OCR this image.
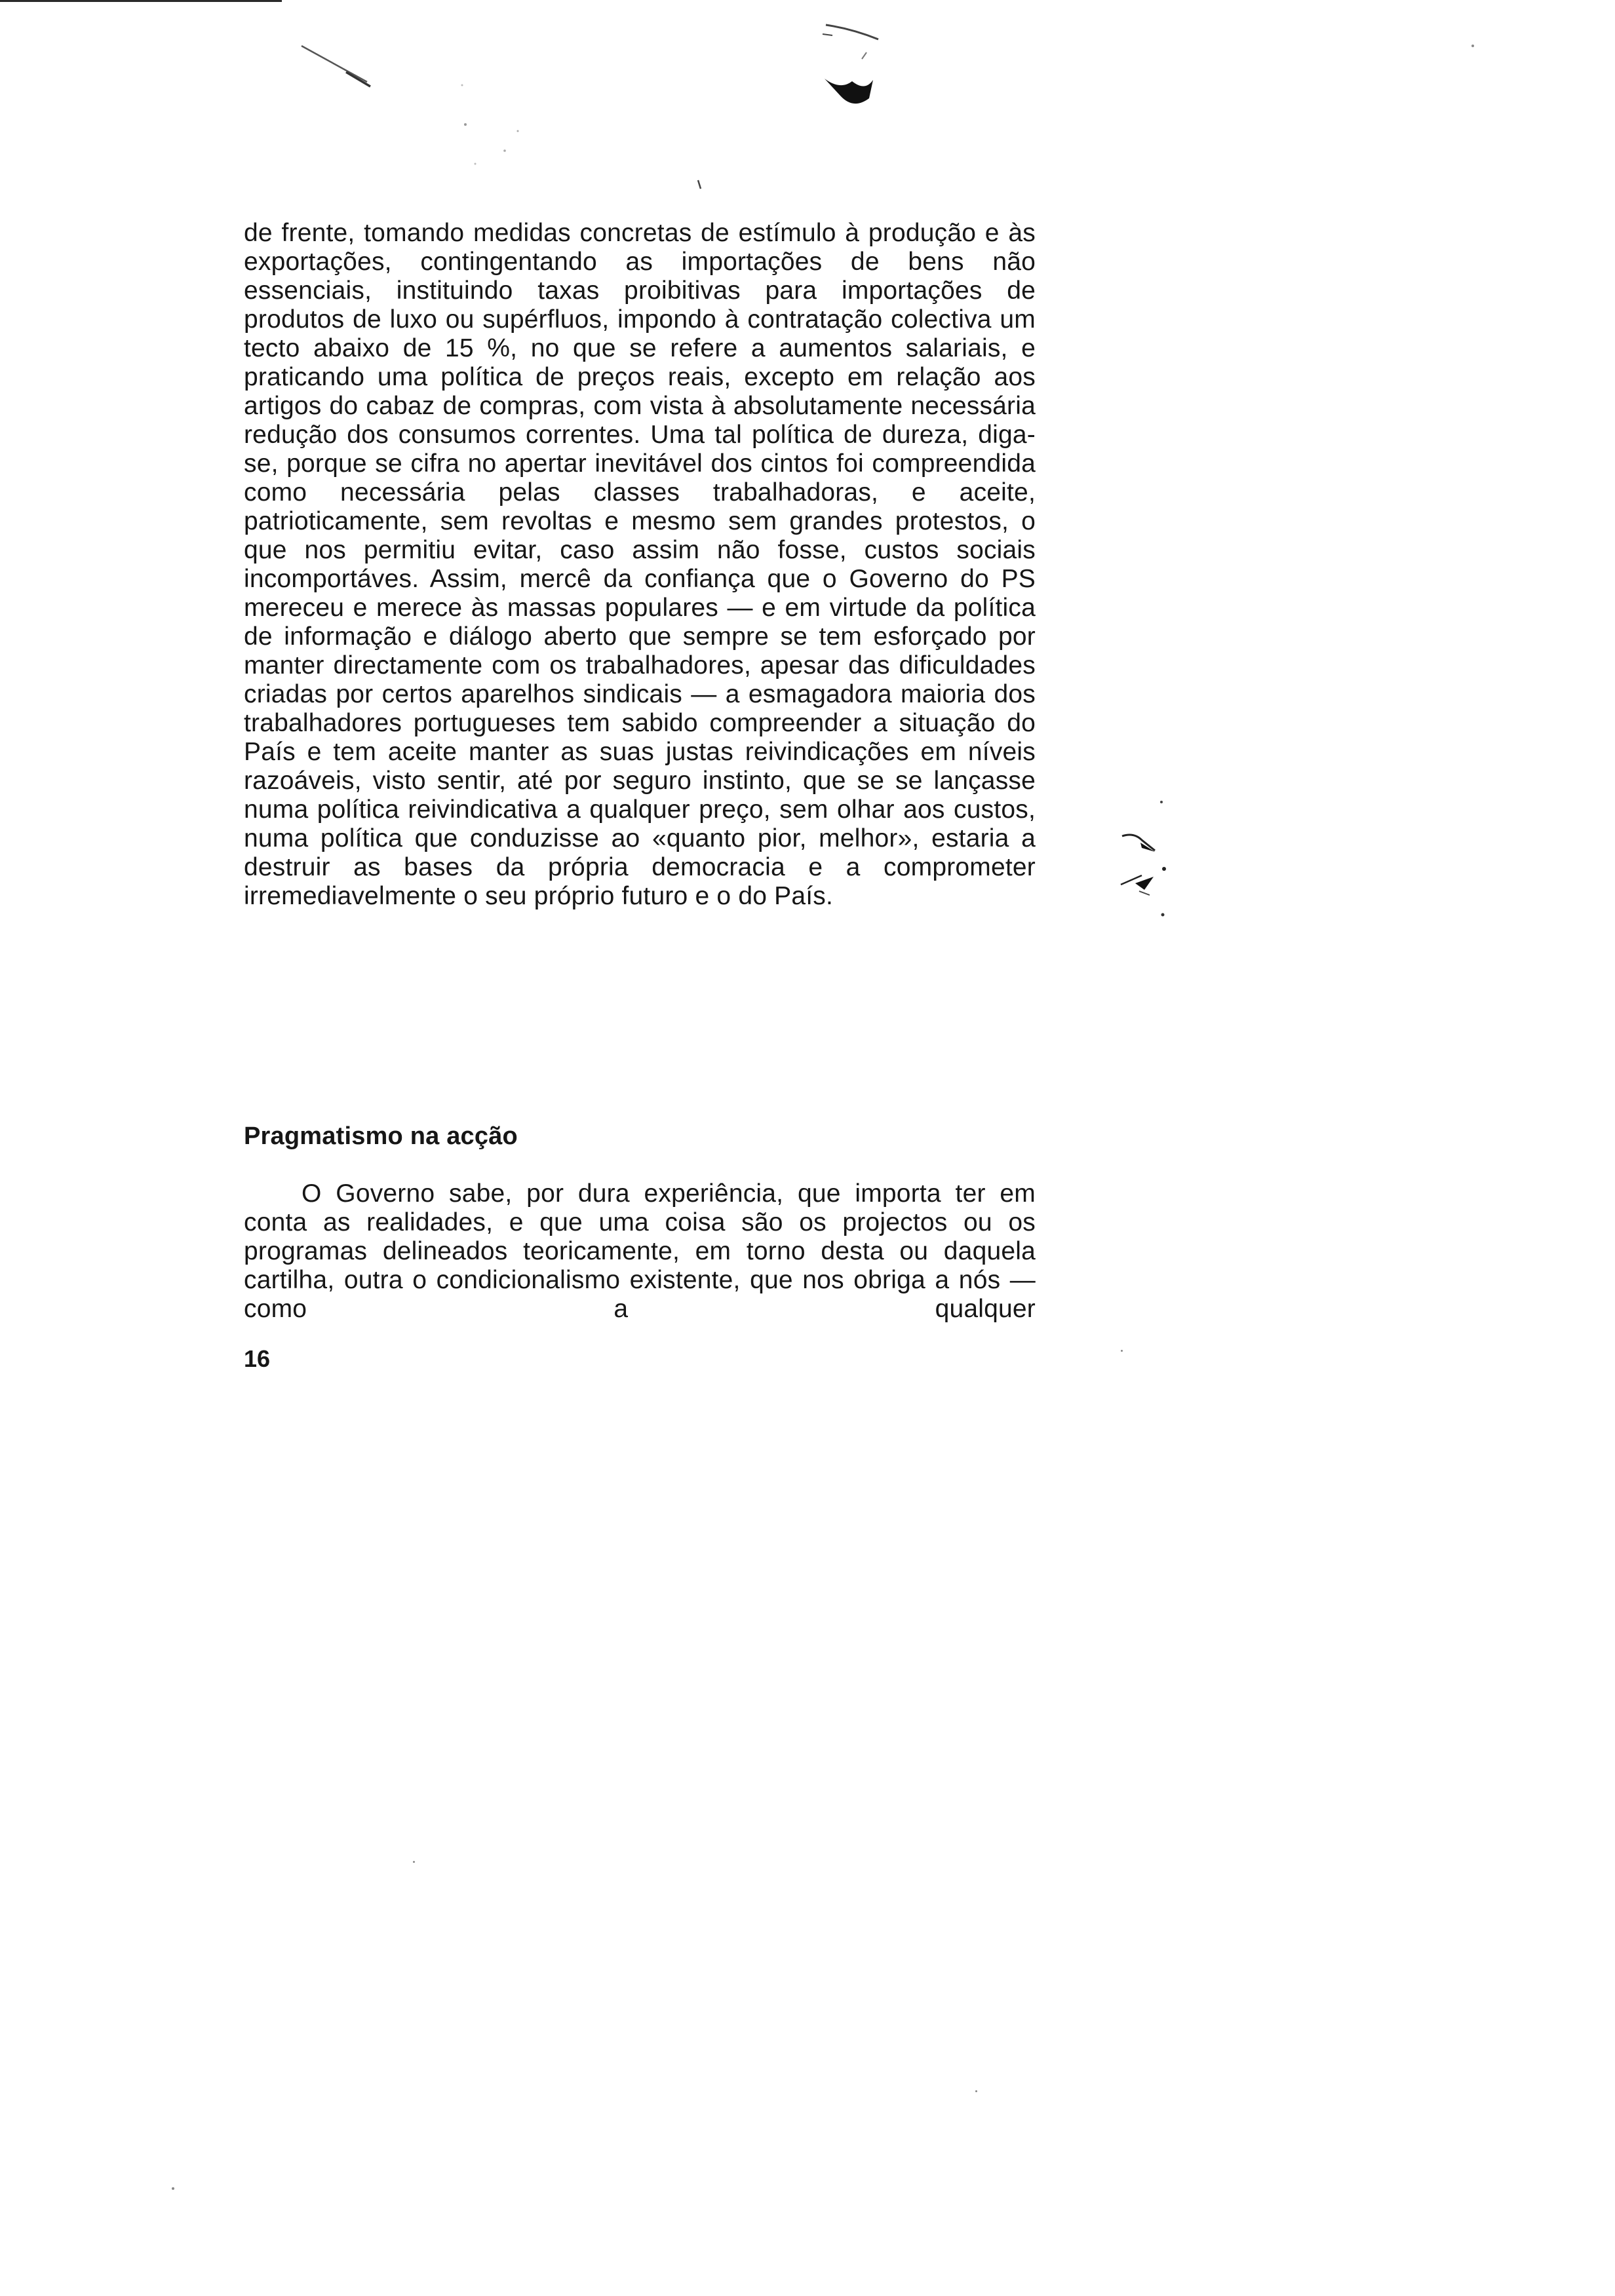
de frente, tomando medidas concretas de estímulo à produção e às exportações, contingentando as importações de bens não essenciais, instituindo taxas proibitivas para importações de produtos de luxo ou supérfluos, impondo à contratação colectiva um tecto abaixo de 15 %, no que se refere a aumentos salariais, e praticando uma política de preços reais, excepto em relação aos artigos do cabaz de compras, com vista à absolutamente necessária redução dos consumos correntes. Uma tal política de dureza, diga-se, porque se cifra no apertar inevitável dos cintos foi compreendida como necessária pelas classes trabalhadoras, e aceite, patrioticamente, sem revoltas e mesmo sem grandes protestos, o que nos permitiu evitar, caso assim não fosse, custos sociais incomportáves. Assim, mercê da confiança que o Governo do PS mereceu e merece às massas populares — e em virtude da política de informação e diálogo aberto que sempre se tem esforçado por manter directamente com os trabalhadores, apesar das dificuldades criadas por certos aparelhos sindicais — a esmagadora maioria dos trabalhadores portugueses tem sabido compreender a situação do País e tem aceite manter as suas justas reivindicações em níveis razoáveis, visto sentir, até por seguro instinto, que se se lançasse numa política reivindicativa a qualquer preço, sem olhar aos custos, numa política que conduzisse ao «quanto pior, melhor», estaria a destruir as bases da própria democracia e a comprometer irremediavelmente o seu próprio futuro e o do País.
Pragmatismo na acção
O Governo sabe, por dura experiência, que importa ter em conta as realidades, e que uma coisa são os projectos ou os programas delineados teoricamente, em torno desta ou daquela cartilha, outra o condicionalismo existente, que nos obriga a nós — como a qualquer
16
